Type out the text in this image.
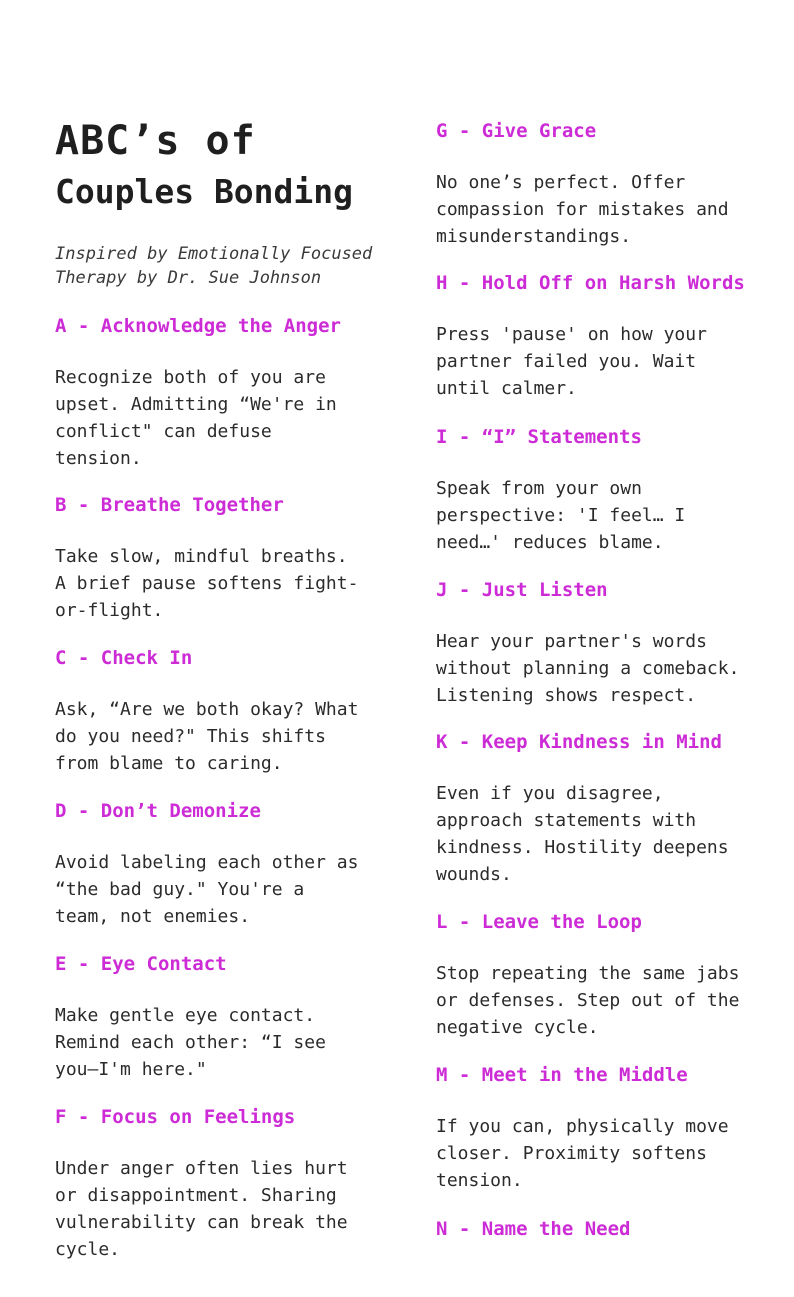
ABC’s of
Couples Bonding

Inspired by Emotionally Focused Therapy by Dr. Sue Johnson

A - Acknowledge the Anger

Recognize both of you are
upset. Admitting “We're in
conflict" can defuse
tension.

B - Breathe Together

Take slow, mindful breaths.
A brief pause softens fight-
or-flight.

C - Check In

Ask, “Are we both okay? What
do you need?" This shifts
from blame to caring.

D - Don’t Demonize

Avoid labeling each other as
“the bad guy." You're a
team, not enemies.

E - Eye Contact

Make gentle eye contact.
Remind each other: “I see
you—I'm here."

F - Focus on Feelings

Under anger often lies hurt
or disappointment. Sharing
vulnerability can break the
cycle.

G - Give Grace

No one’s perfect. Offer
compassion for mistakes and
misunderstandings.

H - Hold Off on Harsh Words

Press 'pause' on how your
partner failed you. Wait
until calmer.

I - “I” Statements

Speak from your own
perspective: 'I feel… I
need…' reduces blame.

J - Just Listen

Hear your partner's words
without planning a comeback.
Listening shows respect.

K - Keep Kindness in Mind

Even if you disagree,
approach statements with
kindness. Hostility deepens
wounds.

L - Leave the Loop

Stop repeating the same jabs
or defenses. Step out of the
negative cycle.

M - Meet in the Middle

If you can, physically move
closer. Proximity softens
tension.

N - Name the Need
